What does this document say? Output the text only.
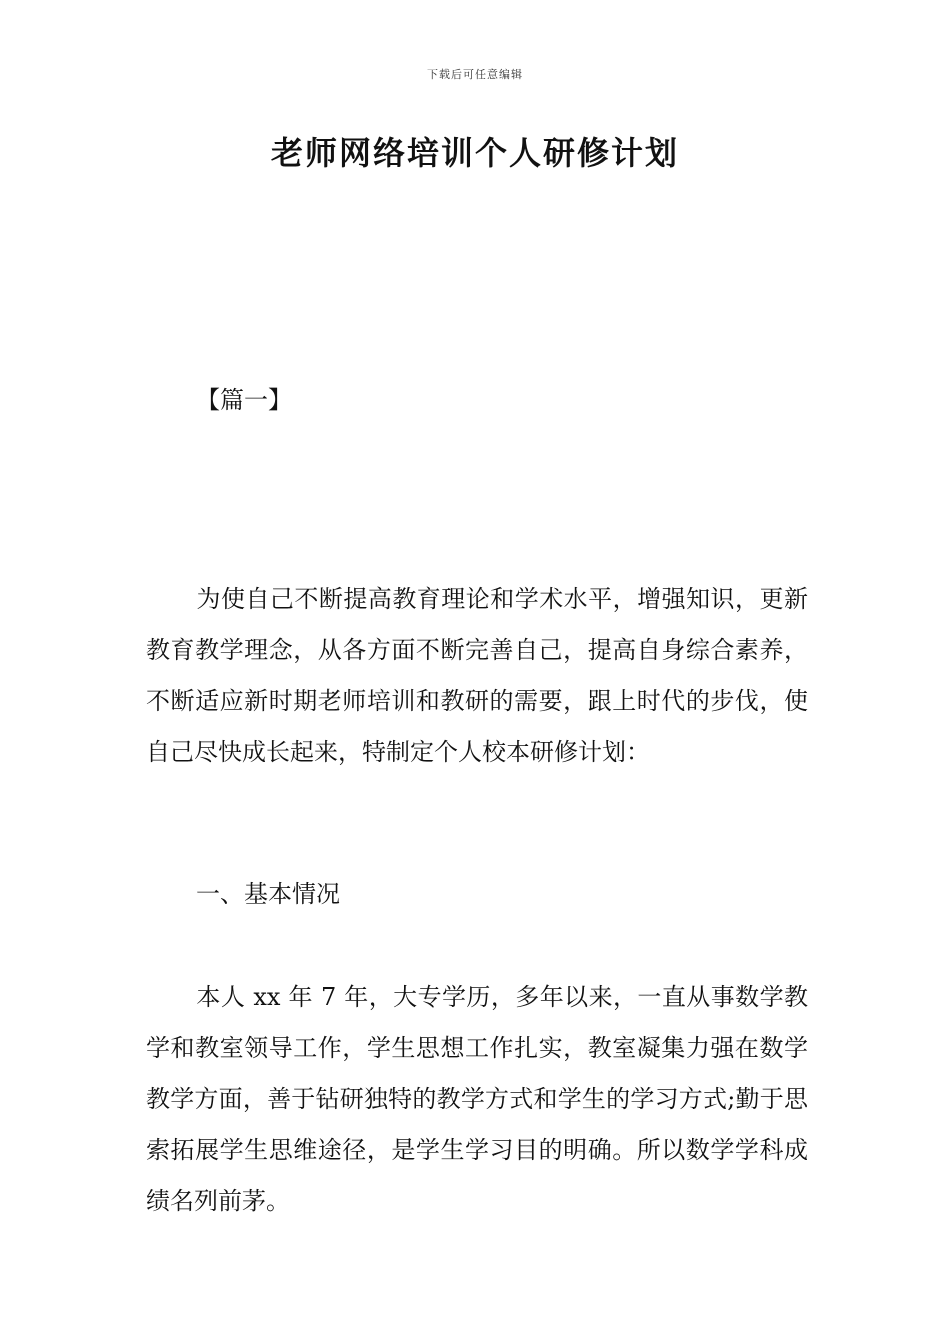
下载后可任意编辑
老师网络培训个人研修计划
【篇一】

为使自己不断提高教育理论和学术水平，增强知识，更新教育教学理念，从各方面不断完善自己，提高自身综合素养，不断适应新时期老师培训和教研的需要，跟上时代的步伐，使自己尽快成长起来，特制定个人校本研修计划：

一、基本情况

本人 xx 年 7 年，大专学历，多年以来，一直从事数学教学和教室领导工作，学生思想工作扎实，教室凝集力强在数学教学方面，善于钻研独特的教学方式和学生的学习方式;勤于思索拓展学生思维途径，是学生学习目的明确。所以数学学科成绩名列前茅。
